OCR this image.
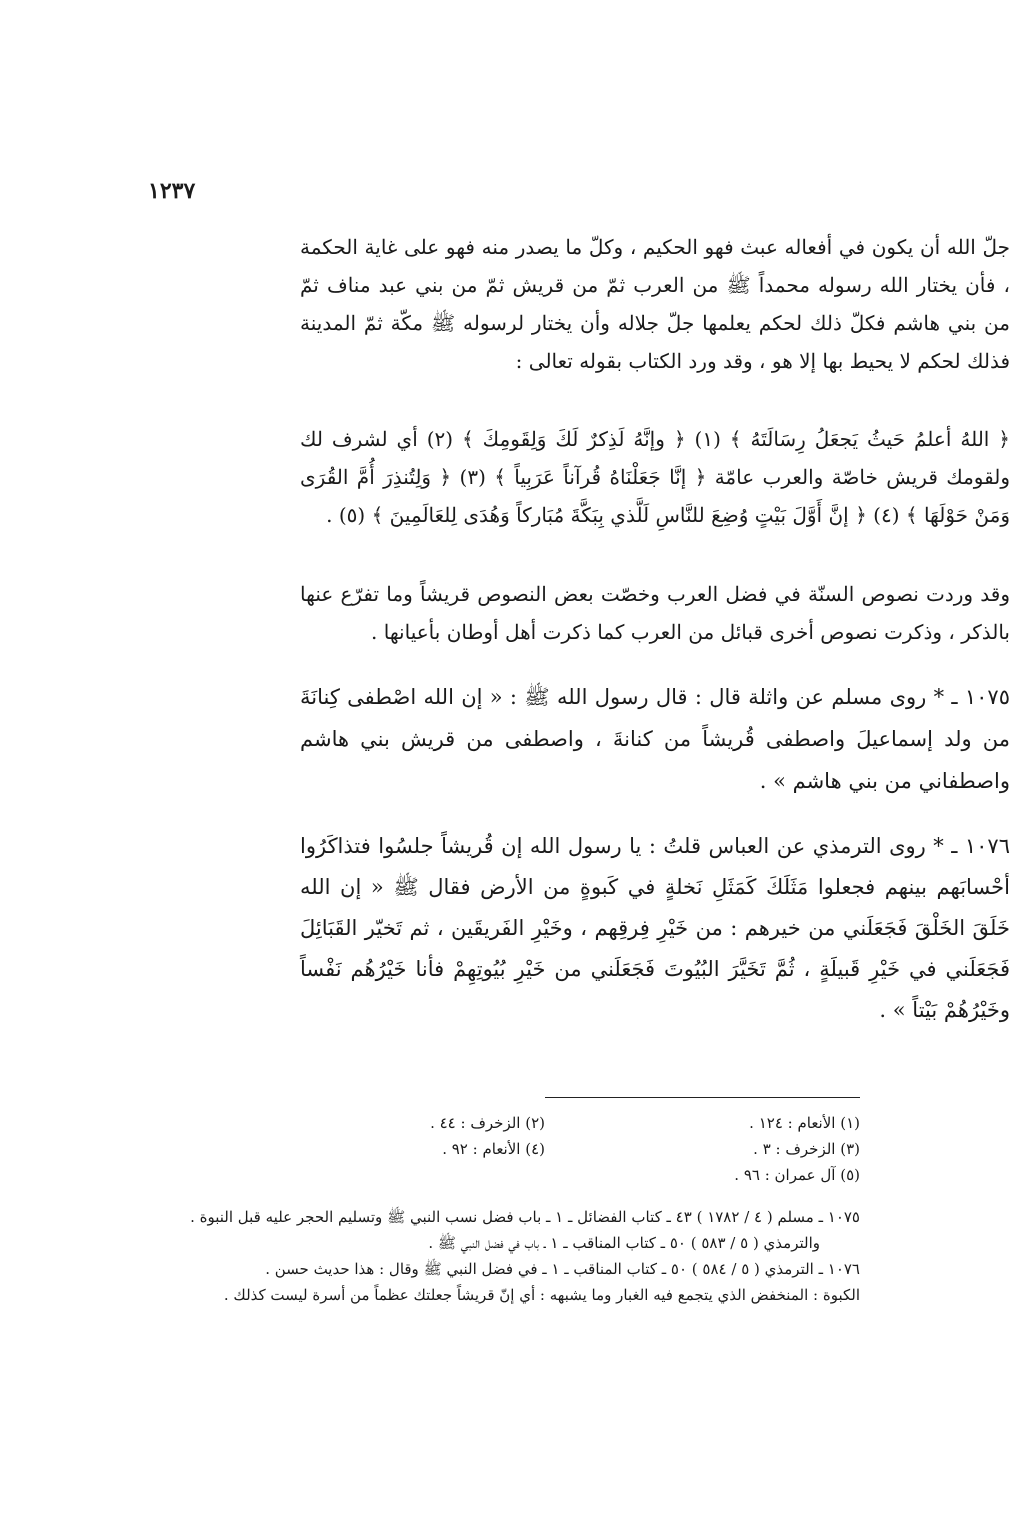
١٢٣٧

جلّ الله أن يكون في أفعاله عبث فهو الحكيم ، وكلّ ما يصدر منه فهو على غاية الحكمة ، فأن يختار الله رسوله محمداً ﷺ من العرب ثمّ من قريش ثمّ من بني عبد مناف ثمّ من بني هاشم فكلّ ذلك لحكم يعلمها جلّ جلاله وأن يختار لرسوله ﷺ مكّة ثمّ المدينة فذلك لحكم لا يحيط بها إلا هو ، وقد ورد الكتاب بقوله تعالى :

﴿ اللهُ أعلمُ حَيثُ يَجعَلُ رِسَالَتَهُ ﴾ (١) ﴿ وإنَّهُ لَذِكرٌ لَكَ وَلِقَومِكَ ﴾ (٢) أي لشرف لك ولقومك قريش خاصّة والعرب عامّة ﴿ إنَّا جَعَلْنَاهُ قُرآناً عَرَبِياً ﴾ (٣) ﴿ وَلِتُنذِرَ أُمَّ القُرَى وَمَنْ حَوْلَهَا ﴾ (٤) ﴿ إنَّ أَوَّلَ بَيْتٍ وُضِعَ للنَّاسِ لَلَّذي بِبَكَّةَ مُبَاركاً وَهُدَى لِلعَالَمِينَ ﴾ (٥) .

وقد وردت نصوص السنّة في فضل العرب وخصّت بعض النصوص قريشاً وما تفرّع عنها بالذكر ، وذكرت نصوص أخرى قبائل من العرب كما ذكرت أهل أوطان بأعيانها .

١٠٧٥ ـ * روى مسلم عن واثلة قال : قال رسول الله ﷺ : « إن الله اصْطفى كِنانَةَ من ولد إسماعيلَ واصطفى قُريشاً من كنانةَ ، واصطفى من قريش بني هاشم واصطفاني من بني هاشم » .

١٠٧٦ ـ * روى الترمذي عن العباس قلتُ : يا رسول الله إن قُريشاً جلسُوا فتذاكَرُوا أحْسابَهم بينهم فجعلوا مَثَلَكَ كَمَثَلِ نَخلةٍ في كَبوةٍ من الأرض فقال ﷺ « إن الله خَلَقَ الخَلْقَ فَجَعَلَني من خيرهم : من خَيْرِ فِرقِهم ، وخَيْرِ الفَريقَين ، ثم تَخيّر القَبَائِلَ فَجَعَلَني في خَيْرِ قَبيلَةٍ ، ثُمَّ تَخَيَّرَ البُيُوتَ فَجَعَلَني من خَيْرِ بُيُوتِهِمْ فأنا خَيْرُهُم نَفْساً وخَيْرُهُمْ بَيْتاً » .

(١) الأنعام : ١٢٤ .
(٢) الزخرف : ٤٤ .
(٣) الزخرف : ٣ .
(٤) الأنعام : ٩٢ .
(٥) آل عمران : ٩٦ .

١٠٧٥ ـ مسلم ( ٤ / ١٧٨٢ ) ٤٣ ـ كتاب الفضائل ـ ١ ـ باب فضل نسب النبي ﷺ وتسليم الحجر عليه قبل النبوة .

والترمذي ( ٥ / ٥٨٣ ) ٥٠ ـ كتاب المناقب ـ ١ ـ باب في فضل النبي ﷺ .

١٠٧٦ ـ الترمذي ( ٥ / ٥٨٤ ) ٥٠ ـ كتاب المناقب ـ ١ ـ في فضل النبي ﷺ وقال : هذا حديث حسن .

الكبوة : المنخفض الذي يتجمع فيه الغبار وما يشبهه : أي إنّ قريشاً جعلتك عظماً من أسرة ليست كذلك .
